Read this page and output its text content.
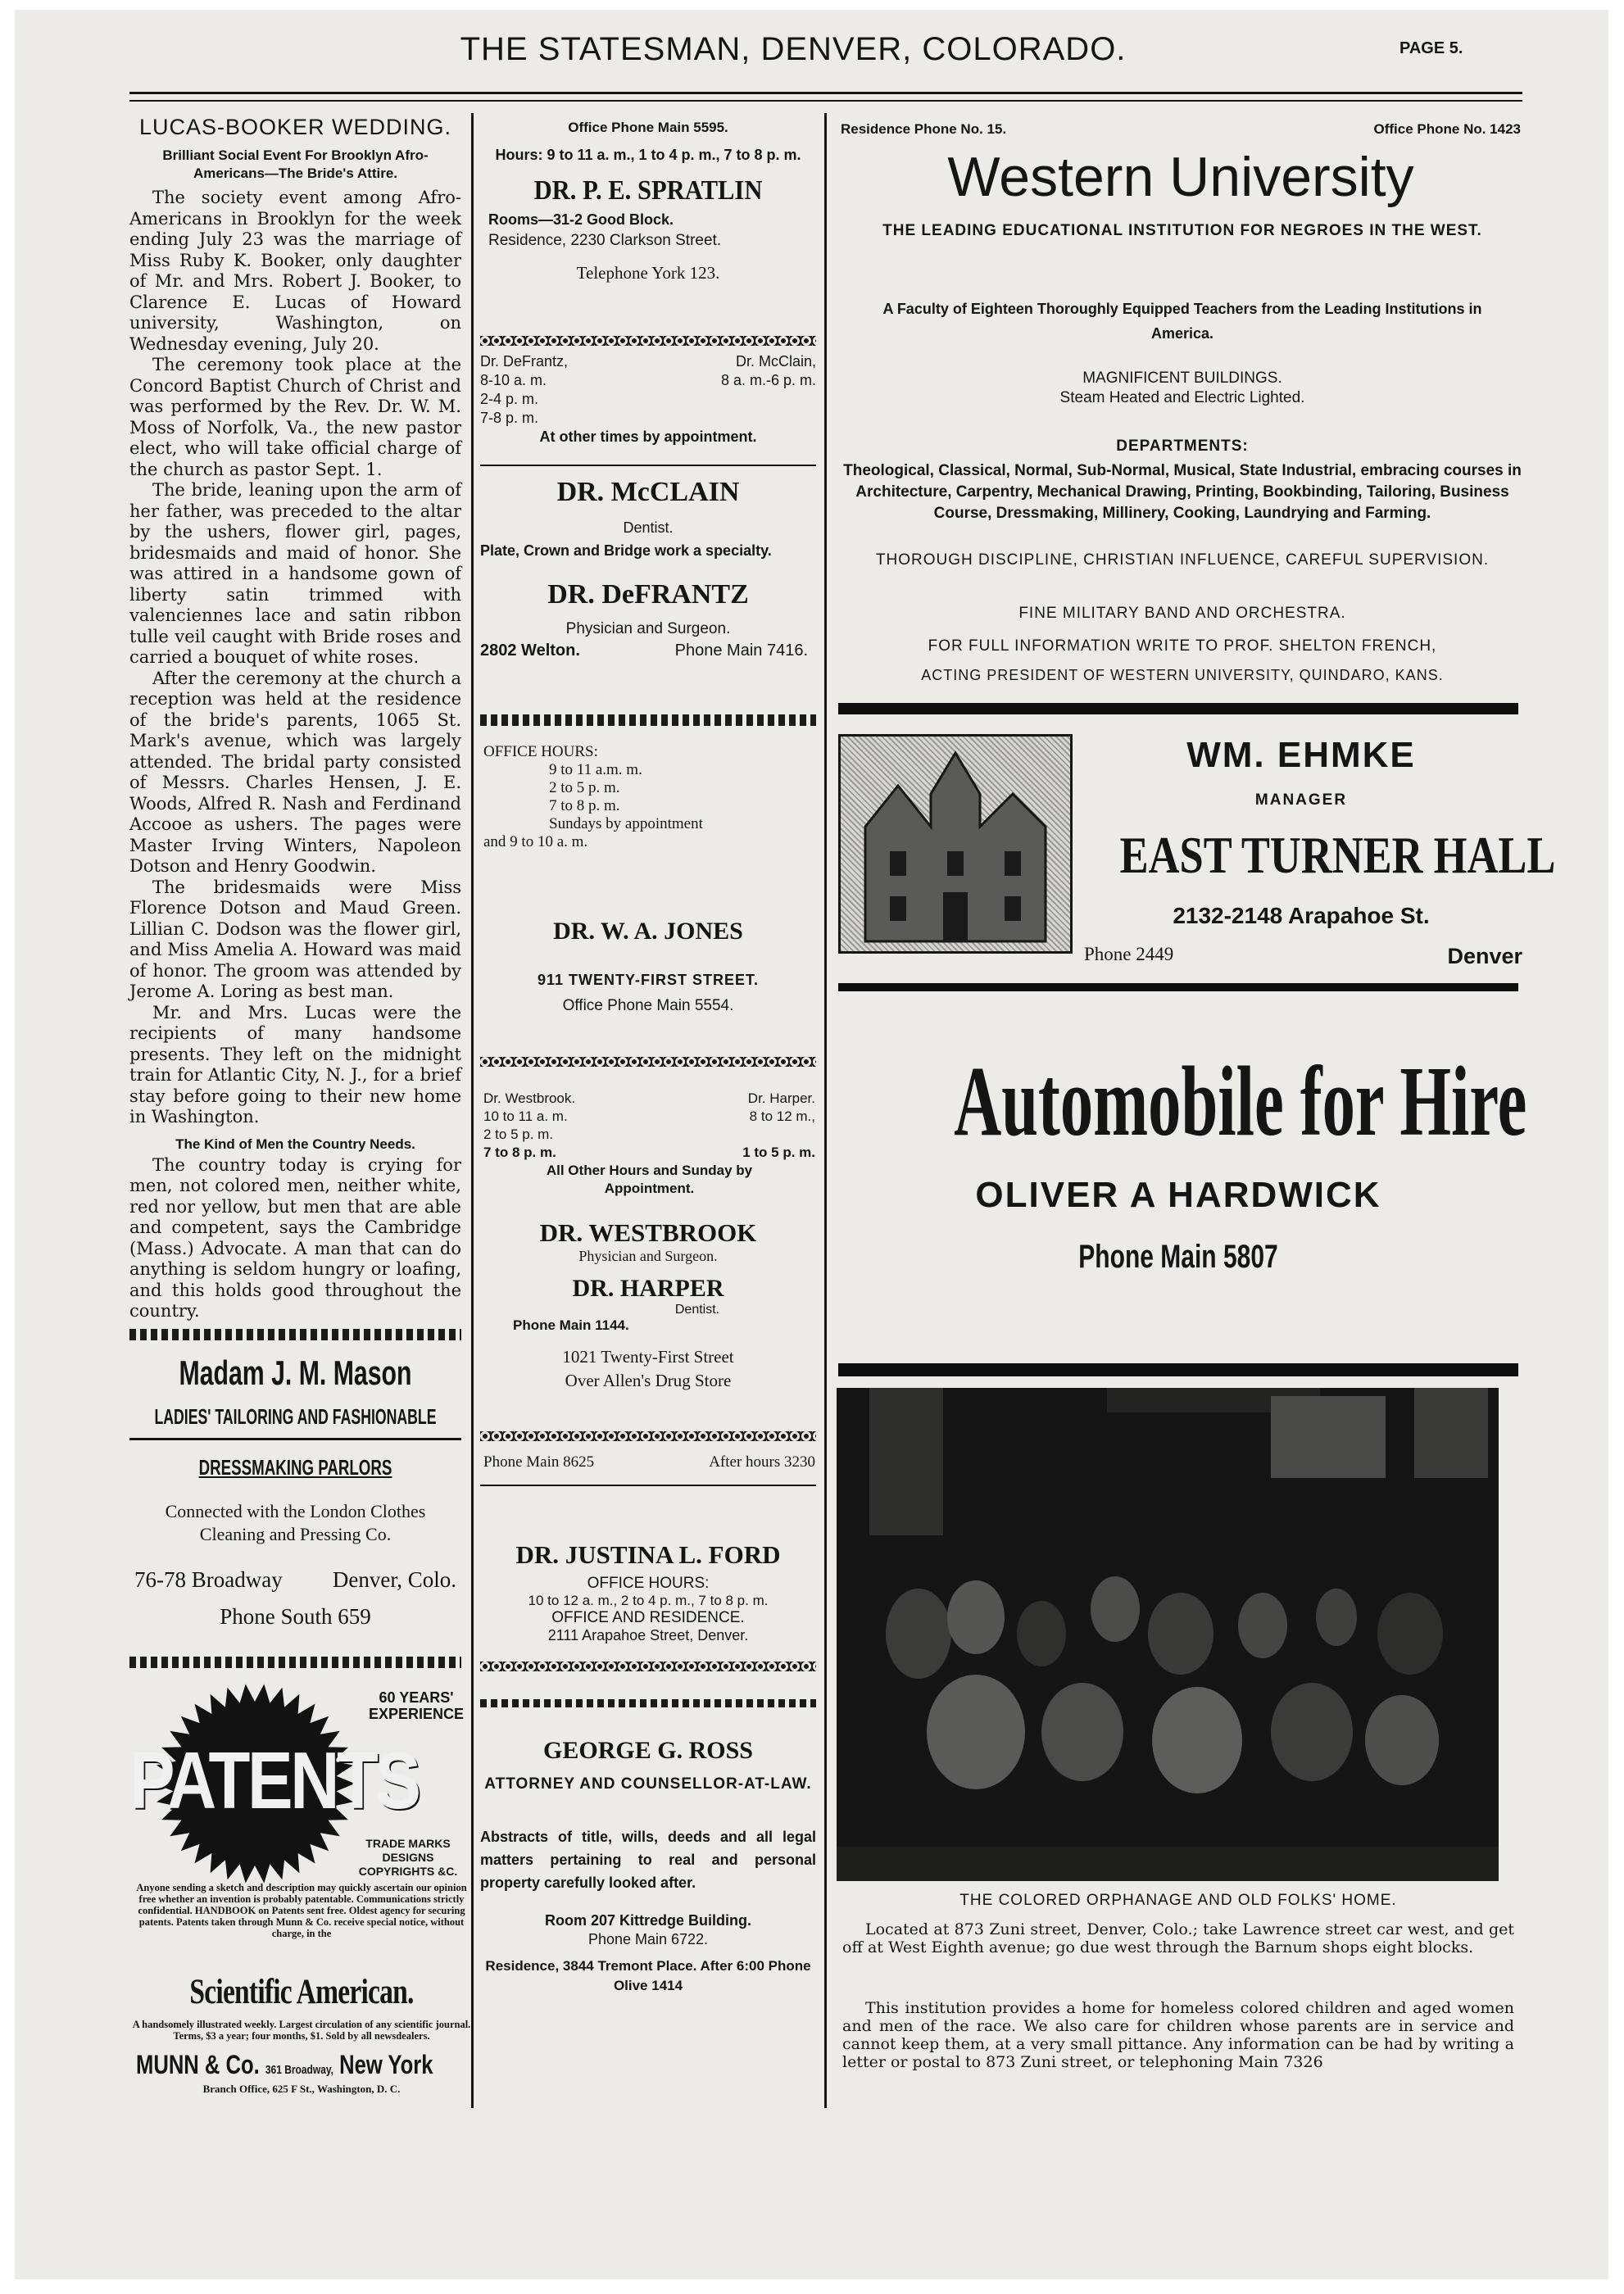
THE STATESMAN, DENVER, COLORADO.	PAGE 5.
LUCAS-BOOKER WEDDING.
Brilliant Social Event For Brooklyn Afro-Americans—The Bride's Attire.

The society event among Afro-Americans in Brooklyn for the week ending July 23 was the marriage of Miss Ruby K. Booker, only daughter of Mr. and Mrs. Robert J. Booker, to Clarence E. Lucas of Howard university, Washington, on Wednesday evening, July 20.

The ceremony took place at the Concord Baptist Church of Christ and was performed by the Rev. Dr. W. M. Moss of Norfolk, Va., the new pastor elect, who will take official charge of the church as pastor Sept. 1.

The bride, leaning upon the arm of her father, was preceded to the altar by the ushers, flower girl, pages, bridesmaids and maid of honor. She was attired in a handsome gown of liberty satin trimmed with valenciennes lace and satin ribbon tulle veil caught with Bride roses and carried a bouquet of white roses.

After the ceremony at the church a reception was held at the residence of the bride's parents, 1065 St. Mark's avenue, which was largely attended. The bridal party consisted of Messrs. Charles Hensen, J. E. Woods, Alfred R. Nash and Ferdinand Accooe as ushers. The pages were Master Irving Winters, Napoleon Dotson and Henry Goodwin.

The bridesmaids were Miss Florence Dotson and Maud Green. Lillian C. Dodson was the flower girl, and Miss Amelia A. Howard was maid of honor. The groom was attended by Jerome A. Loring as best man.

Mr. and Mrs. Lucas were the recipients of many handsome presents. They left on the midnight train for Atlantic City, N. J., for a brief stay before going to their new home in Washington.

The Kind of Men the Country Needs.

The country today is crying for men, not colored men, neither white, red nor yellow, but men that are able and competent, says the Cambridge (Mass.) Advocate. A man that can do anything is seldom hungry or loafing, and this holds good throughout the country.

Madam J. M. Mason
LADIES' TAILORING AND FASHIONABLE
DRESSMAKING PARLORS
Connected with the London Clothes Cleaning and Pressing Co.
76-78 Broadway Denver, Colo.
Phone South 659
PATENTS
60 YEARS' EXPERIENCE
TRADE MARKS
DESIGNS
COPYRIGHTS &C.
Anyone sending a sketch and description may quickly ascertain our opinion free whether an invention is probably patentable. Communications strictly confidential. HANDBOOK on Patents sent free. Oldest agency for securing patents. Patents taken through Munn & Co. receive special notice, without charge, in the
Scientific American.
A handsomely illustrated weekly. Largest circulation of any scientific journal. Terms, $3 a year; four months, $1. Sold by all newsdealers.
MUNN & Co. 361 Broadway, New York
Branch Office, 625 F St., Washington, D. C.
Office Phone Main 5595.
Hours: 9 to 11 a. m., 1 to 4 p. m., 7 to 8 p. m.
DR. P. E. SPRATLIN
Rooms—31-2 Good Block.
Residence, 2230 Clarkson Street.
Telephone York 123.
Dr. DeFrantz,	Dr. McClain,
8-10 a. m.	8 a. m.-6 p. m.
2-4 p. m.
7-8 p. m.
At other times by appointment.
DR. McCLAIN
Dentist.
Plate, Crown and Bridge work a specialty.
DR. DeFRANTZ
Physician and Surgeon.
2802 Welton.	Phone Main 7416.
OFFICE HOURS:
9 to 11 a.m. m.
2 to 5 p. m.
7 to 8 p. m.
Sundays by appointment
and 9 to 10 a. m.
DR. W. A. JONES
911 TWENTY-FIRST STREET.
Office Phone Main 5554.
Dr. Westbrook.	Dr. Harper.
10 to 11 a. m.	8 to 12 m.,
2 to 5 p. m.
7 to 8 p. m.	1 to 5 p. m.
All Other Hours and Sunday by Appointment.
DR. WESTBROOK
Physician and Surgeon.
DR. HARPER
Dentist.
Phone Main 1144.
1021 Twenty-First Street
Over Allen's Drug Store
Phone Main 8625	After hours 3230
DR. JUSTINA L. FORD
OFFICE HOURS:
10 to 12 a. m., 2 to 4 p. m., 7 to 8 p. m.
OFFICE AND RESIDENCE.
2111 Arapahoe Street, Denver.
GEORGE G. ROSS
ATTORNEY AND COUNSELLOR-AT-LAW.
Abstracts of title, wills, deeds and all legal matters pertaining to real and personal property carefully looked after.
Room 207 Kittredge Building.
Phone Main 6722.
Residence, 3844 Tremont Place. After 6:00 Phone Olive 1414
Residence Phone No. 15.	Office Phone No. 1423
Western University
THE LEADING EDUCATIONAL INSTITUTION FOR NEGROES IN THE WEST.
A Faculty of Eighteen Thoroughly Equipped Teachers from the Leading Institutions in America.
MAGNIFICENT BUILDINGS.
Steam Heated and Electric Lighted.
DEPARTMENTS:
Theological, Classical, Normal, Sub-Normal, Musical, State Industrial, embracing courses in Architecture, Carpentry, Mechanical Drawing, Printing, Bookbinding, Tailoring, Business Course, Dressmaking, Millinery, Cooking, Laundrying and Farming.
THOROUGH DISCIPLINE, CHRISTIAN INFLUENCE, CAREFUL SUPERVISION.
FINE MILITARY BAND AND ORCHESTRA.
FOR FULL INFORMATION WRITE TO PROF. SHELTON FRENCH,
ACTING PRESIDENT OF WESTERN UNIVERSITY, QUINDARO, KANS.
WM. EHMKE
MANAGER
EAST TURNER HALL
2132-2148 Arapahoe St.
Phone 2449	Denver
Automobile for Hire
OLIVER A HARDWICK
Phone Main 5807
THE COLORED ORPHANAGE AND OLD FOLKS' HOME.

Located at 873 Zuni street, Denver, Colo.; take Lawrence street car west, and get off at West Eighth avenue; go due west through the Barnum shops eight blocks.

This institution provides a home for homeless colored children and aged women and men of the race. We also care for children whose parents are in service and cannot keep them, at a very small pittance. Any information can be had by writing a letter or postal to 873 Zuni street, or telephoning Main 7326
